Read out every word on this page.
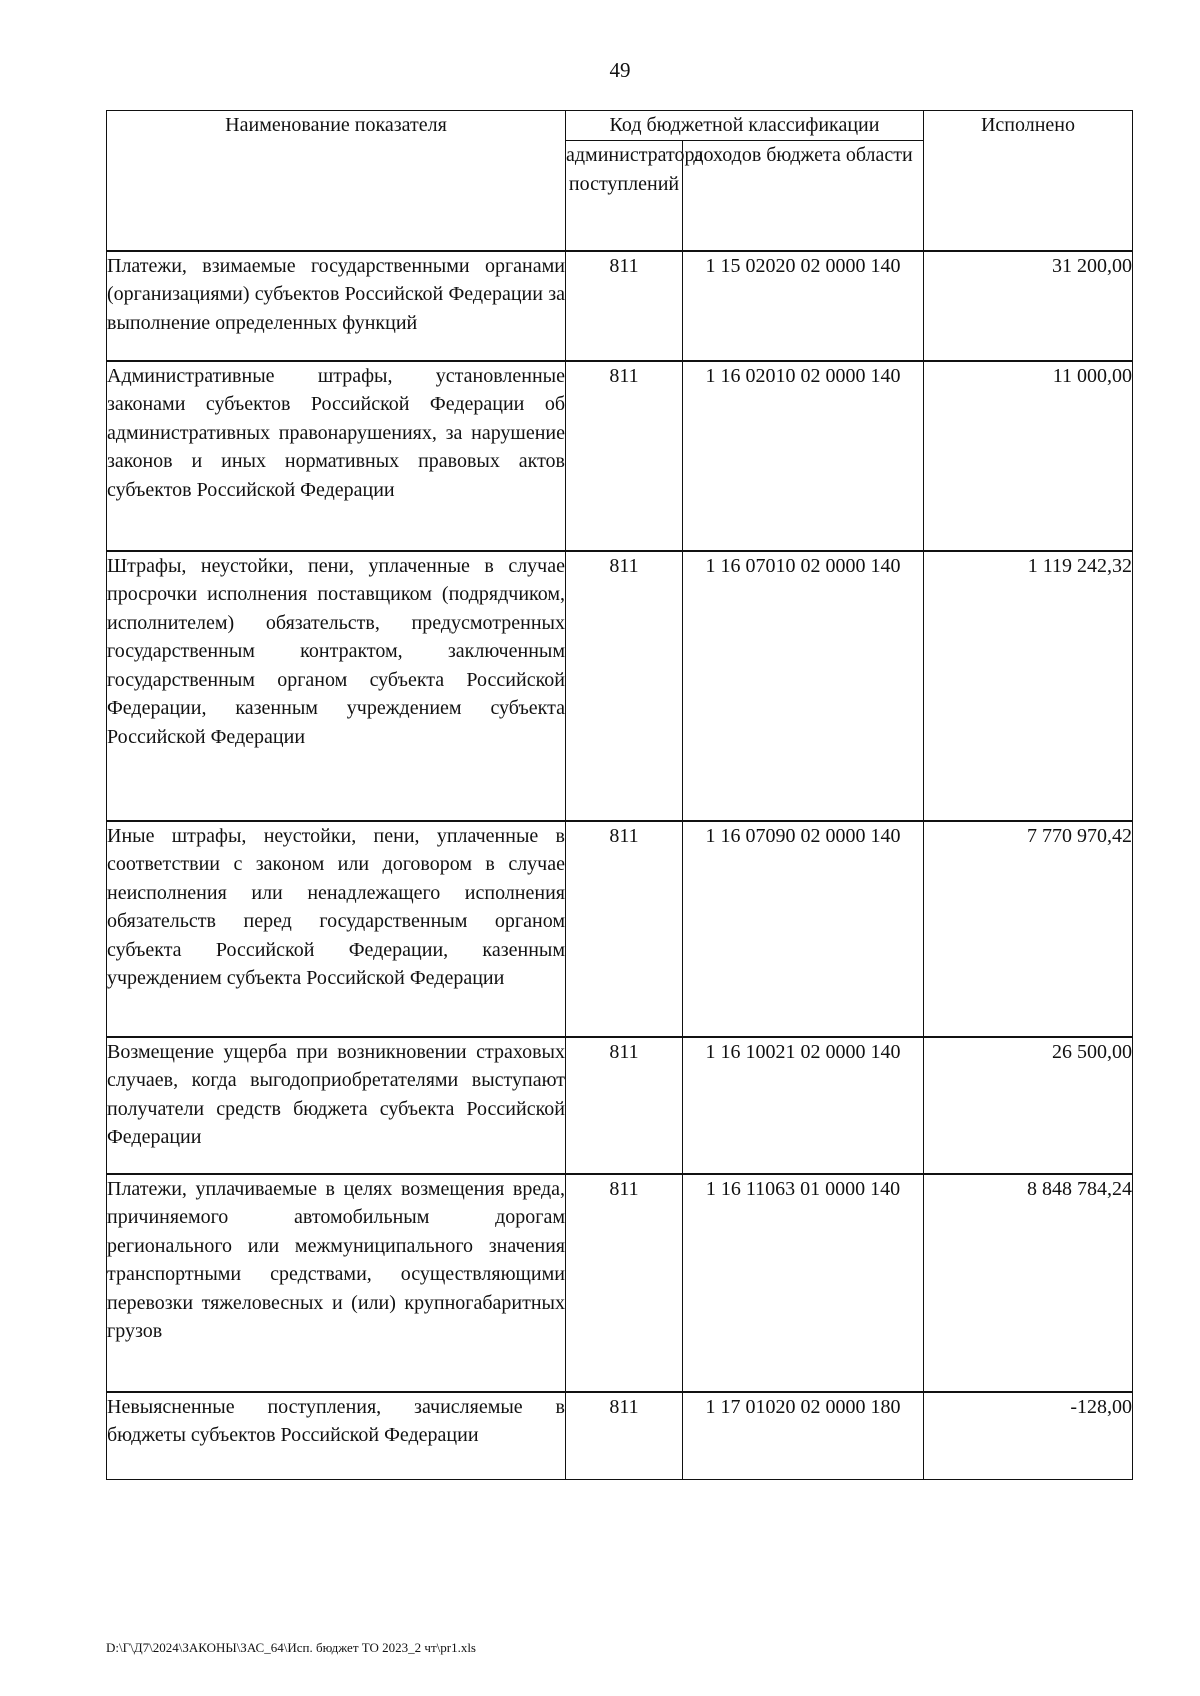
49
Наименование показателя	Код бюджетной классификации		Исполнено
	администратора поступлений	доходов бюджета области	
Платежи, взимаемые государственными органами (организациями) субъектов Российской Федерации за выполнение определенных функций	811	1 15 02020 02 0000 140	31 200,00
Административные штрафы, установленные законами субъектов Российской Федерации об административных правонарушениях, за нарушение законов и иных нормативных правовых актов субъектов Российской Федерации	811	1 16 02010 02 0000 140	11 000,00
Штрафы, неустойки, пени, уплаченные в случае просрочки исполнения поставщиком (подрядчиком, исполнителем) обязательств, предусмотренных государственным контрактом, заключенным государственным органом субъекта Российской Федерации, казенным учреждением субъекта Российской Федерации	811	1 16 07010 02 0000 140	1 119 242,32
Иные штрафы, неустойки, пени, уплаченные в соответствии с законом или договором в случае неисполнения или ненадлежащего исполнения обязательств перед государственным органом субъекта Российской Федерации, казенным учреждением субъекта Российской Федерации	811	1 16 07090 02 0000 140	7 770 970,42
Возмещение ущерба при возникновении страховых случаев, когда выгодоприобретателями выступают получатели средств бюджета субъекта Российской Федерации	811	1 16 10021 02 0000 140	26 500,00
Платежи, уплачиваемые в целях возмещения вреда, причиняемого автомобильным дорогам регионального или межмуниципального значения транспортными средствами, осуществляющими перевозки тяжеловесных и (или) крупногабаритных грузов	811	1 16 11063 01 0000 140	8 848 784,24
Невыясненные поступления, зачисляемые в бюджеты субъектов Российской Федерации	811	1 17 01020 02 0000 180	-128,00
D:\Г\Д7\2024\ЗАКОНЫ\ЗАС_64\Исп. бюджет ТО 2023_2 чт\pr1.xls
